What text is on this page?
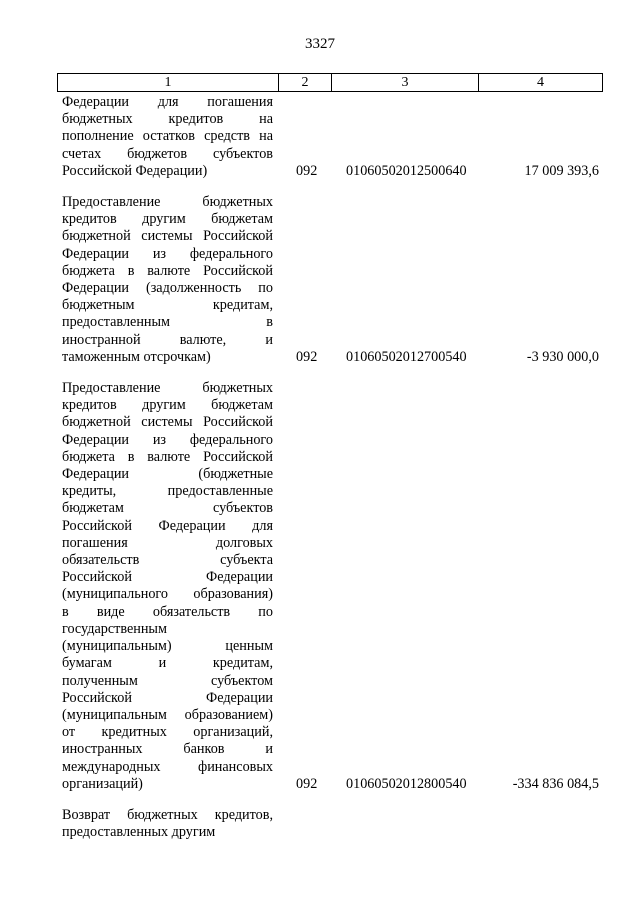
3327
1	2	3	4
Федерации для погашения
бюджетных кредитов на
пополнение остатков средств на
счетах бюджетов субъектов
Российской Федерации)	092	01060502012500640	17 009 393,6
Предоставление бюджетных
кредитов другим бюджетам
бюджетной системы Российской
Федерации из федерального
бюджета в валюте Российской
Федерации (задолженность по
бюджетным кредитам,
предоставленным в
иностранной валюте, и
таможенным отсрочкам)	092	01060502012700540	-3 930 000,0
Предоставление бюджетных
кредитов другим бюджетам
бюджетной системы Российской
Федерации из федерального
бюджета в валюте Российской
Федерации (бюджетные
кредиты, предоставленные
бюджетам субъектов
Российской Федерации для
погашения долговых
обязательств субъекта
Российской Федерации
(муниципального образования)
в виде обязательств по
государственным
(муниципальным) ценным
бумагам и кредитам,
полученным субъектом
Российской Федерации
(муниципальным образованием)
от кредитных организаций,
иностранных банков и
международных финансовых
организаций)	092	01060502012800540	-334 836 084,5
Возврат бюджетных кредитов,
предоставленных другим
